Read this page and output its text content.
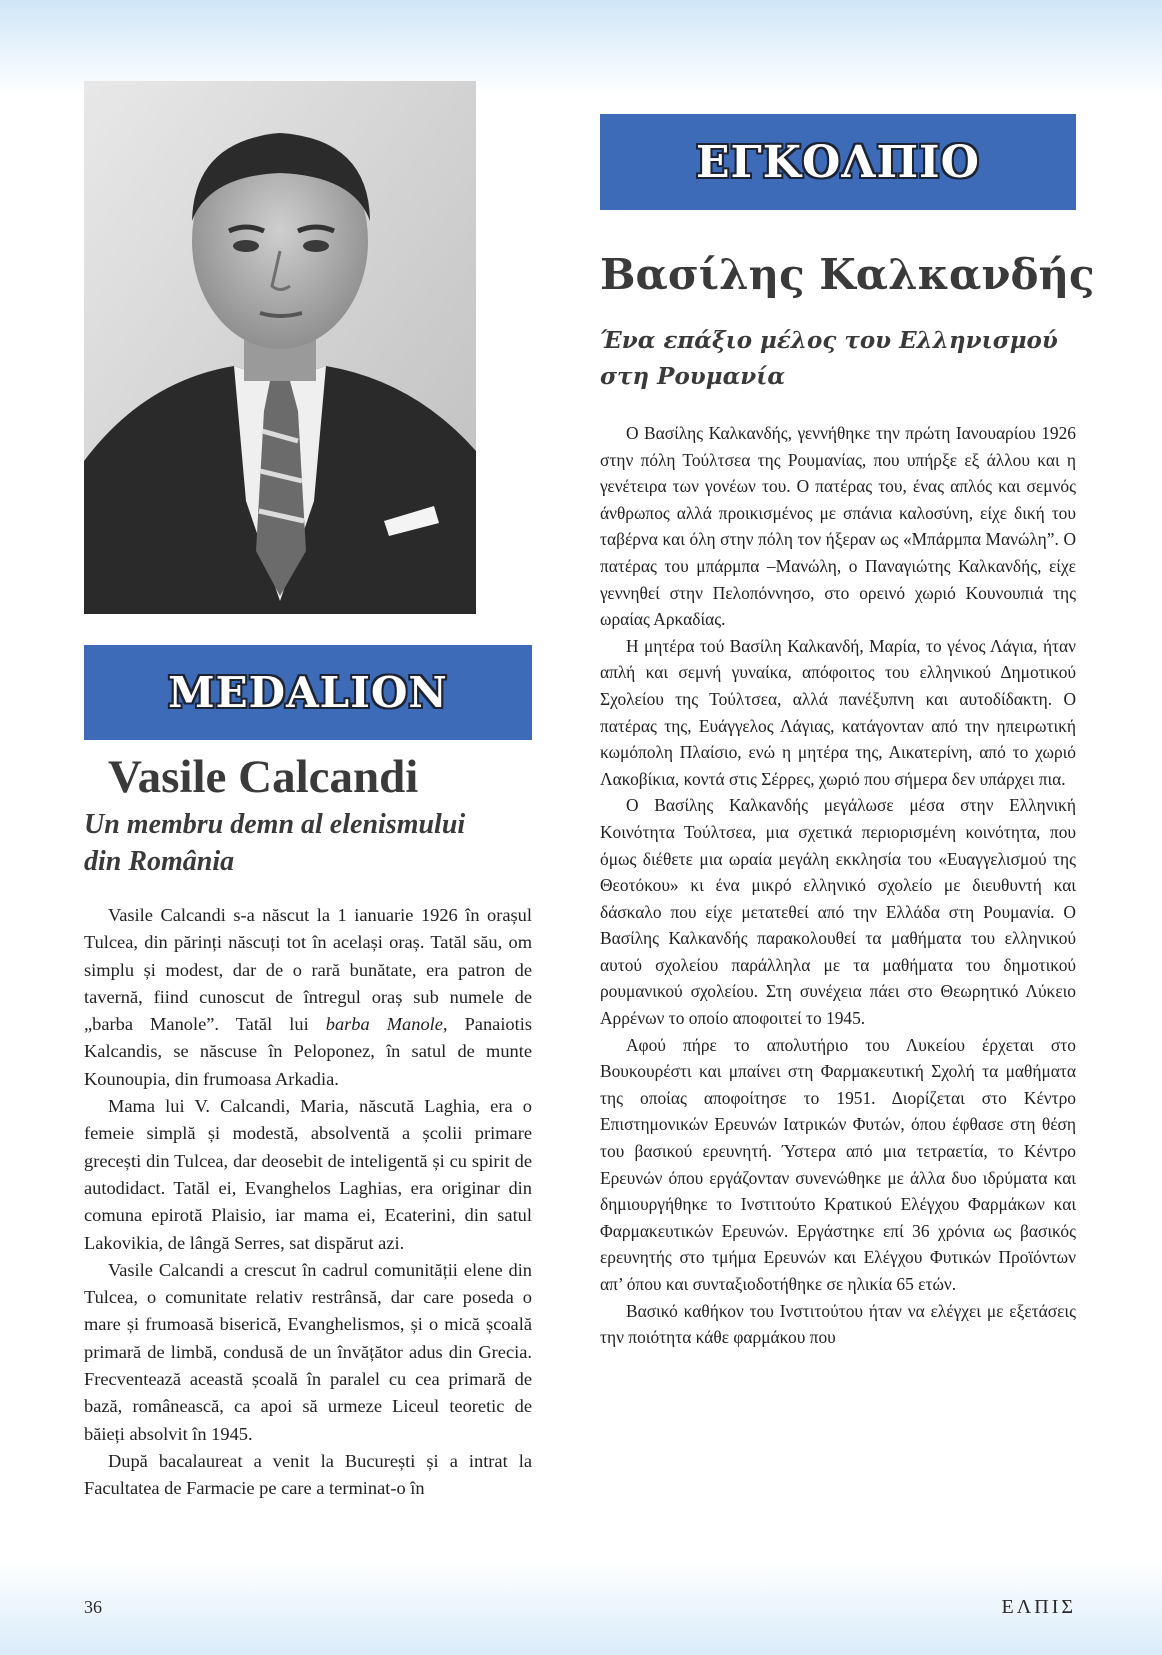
ΕΓΚΟΛΠΙΟ
Βασίλης Καλκανδής
Ένα επάξιο μέλος του Ελληνισμού
στη Ρουμανία
MEDALION
Vasile Calcandi
Un membru demn al elenismului
din România

Vasile Calcandi s-a născut la 1 ianuarie 1926 în orașul Tulcea, din părinți născuți tot în același oraș. Tatăl său, om simplu și modest, dar de o rară bunătate, era patron de tavernă, fiind cunoscut de întregul oraș sub numele de „barba Manole”. Tatăl lui barba Manole, Panaiotis Kalcandis, se născuse în Peloponez, în satul de munte Kounoupia, din frumoasa Arkadia.

Mama lui V. Calcandi, Maria, născută Laghia, era o femeie simplă și modestă, absolventă a școlii primare grecești din Tulcea, dar deosebit de inteligentă și cu spirit de autodidact. Tatăl ei, Evanghelos Laghias, era originar din comuna epirotă Plaisio, iar mama ei, Ecaterini, din satul Lakovikia, de lângă Serres, sat dispărut azi.

Vasile Calcandi a crescut în cadrul comunității elene din Tulcea, o comunitate relativ restrânsă, dar care poseda o mare și frumoasă biserică, Evanghelismos, și o mică școală primară de limbă, condusă de un învățător adus din Grecia. Frecventează această școală în paralel cu cea primară de bază, românească, ca apoi să urmeze Liceul teoretic de băieți absolvit în 1945.

După bacalaureat a venit la București și a intrat la Facultatea de Farmacie pe care a terminat-o în

Ο Βασίλης Καλκανδής, γεννήθηκε την πρώτη Ιανουαρίου 1926 στην πόλη Τούλτσεα της Ρουμανίας, που υπήρξε εξ άλλου και η γενέτειρα των γονέων του. Ο πατέρας του, ένας απλός και σεμνός άνθρωπος αλλά προικισμένος με σπάνια καλοσύνη, είχε δική του ταβέρνα και όλη στην πόλη τον ήξεραν ως «Μπάρμπα Μανώλη”. Ο πατέρας του μπάρμπα –Μανώλη, ο Παναγιώτης Καλκανδής, είχε γεννηθεί στην Πελοπόννησο, στο ορεινό χωριό Κουνουπιά της ωραίας Αρκαδίας.

Η μητέρα τού Βασίλη Καλκανδή, Μαρία, το γένος Λάγια, ήταν απλή και σεμνή γυναίκα, απόφοιτος του ελληνικού Δημοτικού Σχολείου της Τούλτσεα, αλλά πανέξυπνη και αυτοδίδακτη. Ο πατέρας της, Ευάγγελος Λάγιας, κατάγονταν από την ηπειρωτική κωμόπολη Πλαίσιο, ενώ η μητέρα της, Αικατερίνη, από το χωριό Λακοβίκια, κοντά στις Σέρρες, χωριό που σήμερα δεν υπάρχει πια.

Ο Βασίλης Καλκανδής μεγάλωσε μέσα στην Ελληνική Κοινότητα Τούλτσεα, μια σχετικά περιορισμένη κοινότητα, που όμως διέθετε μια ωραία μεγάλη εκκλησία του «Ευαγγελισμού της Θεοτόκου» κι ένα μικρό ελληνικό σχολείο με διευθυντή και δάσκαλο που είχε μετατεθεί από την Ελλάδα στη Ρουμανία. Ο Βασίλης Καλκανδής παρακολουθεί τα μαθήματα του ελληνικού αυτού σχολείου παράλληλα με τα μαθήματα του δημοτικού ρουμανικού σχολείου. Στη συνέχεια πάει στο Θεωρητικό Λύκειο Αρρένων το οποίο αποφοιτεί το 1945.

Αφού πήρε το απολυτήριο του Λυκείου έρχεται στο Βουκουρέστι και μπαίνει στη Φαρμακευτική Σχολή τα μαθήματα της οποίας αποφοίτησε το 1951. Διορίζεται στο Κέντρο Επιστημονικών Ερευνών Ιατρικών Φυτών, όπου έφθασε στη θέση του βασικού ερευνητή. Ύστερα από μια τετραετία, το Κέντρο Ερευνών όπου εργάζονταν συνενώθηκε με άλλα δυο ιδρύματα και δημιουργήθηκε το Ινστιτούτο Κρατικού Ελέγχου Φαρμάκων και Φαρμακευτικών Ερευνών. Εργάστηκε επί 36 χρόνια ως βασικός ερευνητής στο τμήμα Ερευνών και Ελέγχου Φυτικών Προϊόντων απ’ όπου και συνταξιοδοτήθηκε σε ηλικία 65 ετών.

Βασικό καθήκον του Ινστιτούτου ήταν να ελέγχει με εξετάσεις την ποιότητα κάθε φαρμάκου που

36	ΕΛΠΙΣ
